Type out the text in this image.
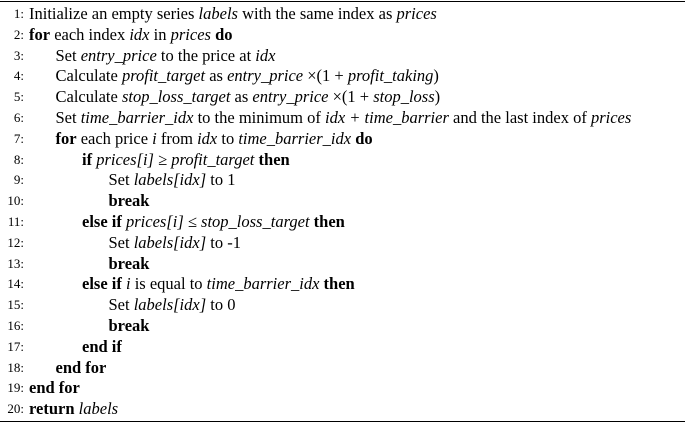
1: Initialize an empty series labels with the same index as prices
2: for each index idx in prices do
3: Set entry_price to the price at idx
4: Calculate profit_target as entry_price ×(1 + profit_taking)
5: Calculate stop_loss_target as entry_price ×(1 + stop_loss)
6: Set time_barrier_idx to the minimum of idx + time_barrier and the last index of prices
7: for each price i from idx to time_barrier_idx do
8:	if prices[i] ≥ profit_target then
9:	Set labels[idx] to 1
10:	break
11:	else if prices[i] ≤ stop_loss_target then
12:	Set labels[idx] to -1
13:	break
14:	else if i is equal to time_barrier_idx then
15:	Set labels[idx] to 0
16:	break
17:	end if
18: end for
19: end for
20: return labels
